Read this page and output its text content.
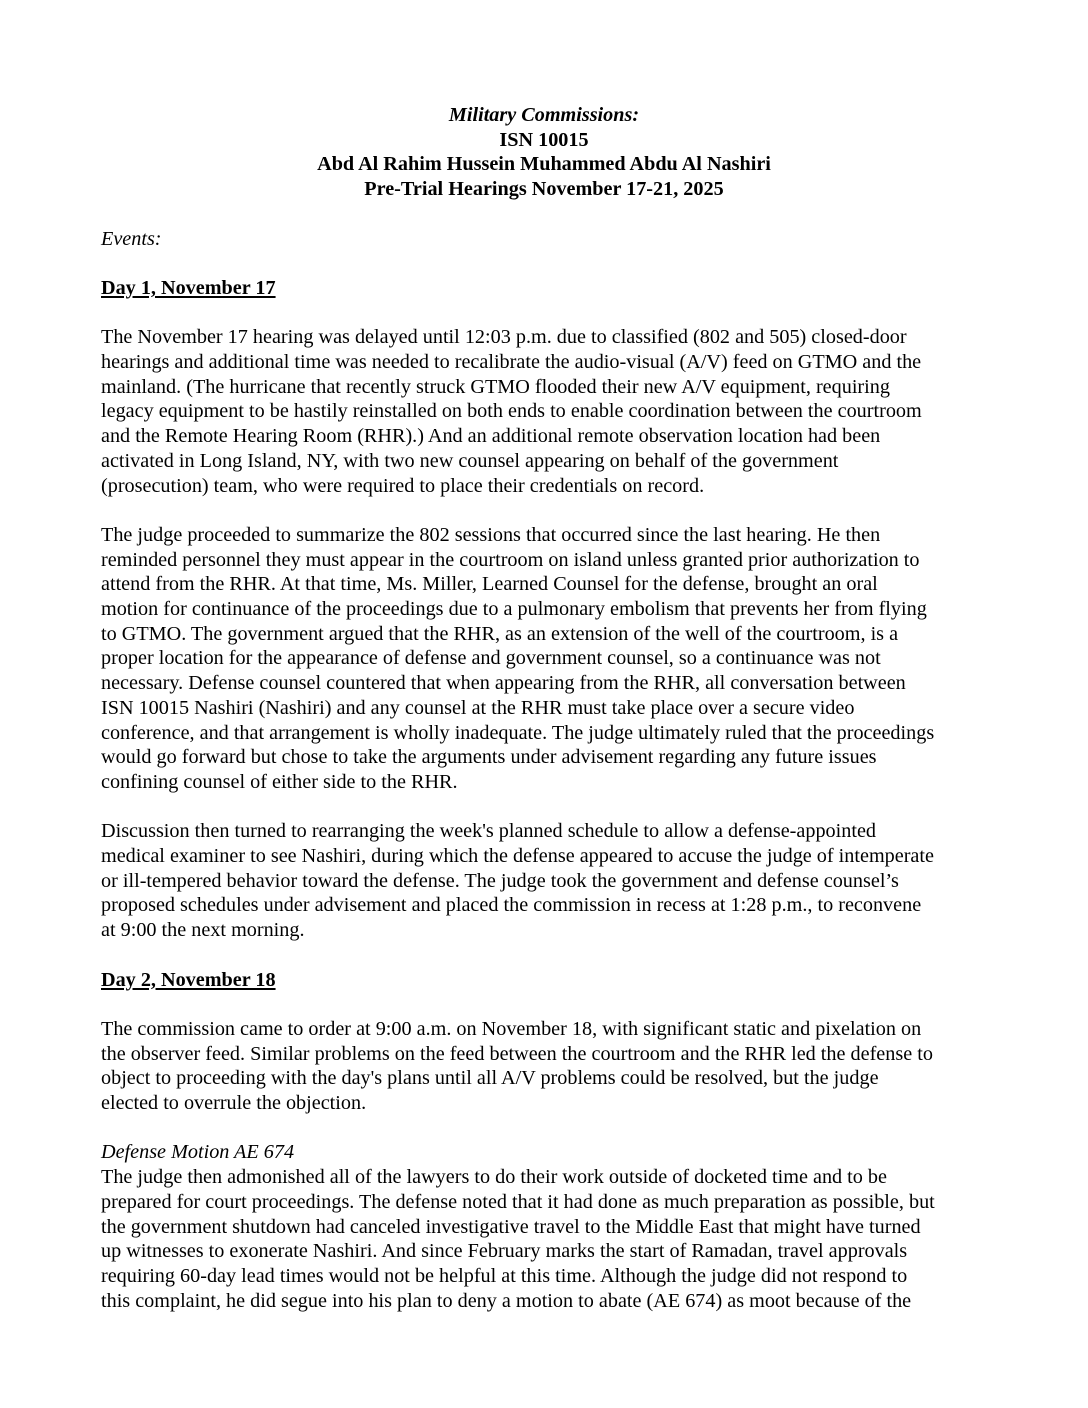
Military Commissions:
ISN 10015
Abd Al Rahim Hussein Muhammed Abdu Al Nashiri
Pre-Trial Hearings November 17-21, 2025
Events:
Day 1, November 17

The November 17 hearing was delayed until 12:03 p.m. due to classified (802 and 505) closed-door
hearings and additional time was needed to recalibrate the audio-visual (A/V) feed on GTMO and the
mainland. (The hurricane that recently struck GTMO flooded their new A/V equipment, requiring
legacy equipment to be hastily reinstalled on both ends to enable coordination between the courtroom
and the Remote Hearing Room (RHR).) And an additional remote observation location had been
activated in Long Island, NY, with two new counsel appearing on behalf of the government
(prosecution) team, who were required to place their credentials on record.

The judge proceeded to summarize the 802 sessions that occurred since the last hearing. He then
reminded personnel they must appear in the courtroom on island unless granted prior authorization to
attend from the RHR. At that time, Ms. Miller, Learned Counsel for the defense, brought an oral
motion for continuance of the proceedings due to a pulmonary embolism that prevents her from flying
to GTMO. The government argued that the RHR, as an extension of the well of the courtroom, is a
proper location for the appearance of defense and government counsel, so a continuance was not
necessary. Defense counsel countered that when appearing from the RHR, all conversation between
ISN 10015 Nashiri (Nashiri) and any counsel at the RHR must take place over a secure video
conference, and that arrangement is wholly inadequate. The judge ultimately ruled that the proceedings
would go forward but chose to take the arguments under advisement regarding any future issues
confining counsel of either side to the RHR.

Discussion then turned to rearranging the week's planned schedule to allow a defense-appointed
medical examiner to see Nashiri, during which the defense appeared to accuse the judge of intemperate
or ill-tempered behavior toward the defense. The judge took the government and defense counsel’s
proposed schedules under advisement and placed the commission in recess at 1:28 p.m., to reconvene
at 9:00 the next morning.

Day 2, November 18

The commission came to order at 9:00 a.m. on November 18, with significant static and pixelation on
the observer feed. Similar problems on the feed between the courtroom and the RHR led the defense to
object to proceeding with the day's plans until all A/V problems could be resolved, but the judge
elected to overrule the objection.

Defense Motion AE 674

The judge then admonished all of the lawyers to do their work outside of docketed time and to be
prepared for court proceedings. The defense noted that it had done as much preparation as possible, but
the government shutdown had canceled investigative travel to the Middle East that might have turned
up witnesses to exonerate Nashiri. And since February marks the start of Ramadan, travel approvals
requiring 60-day lead times would not be helpful at this time. Although the judge did not respond to
this complaint, he did segue into his plan to deny a motion to abate (AE 674) as moot because of the
